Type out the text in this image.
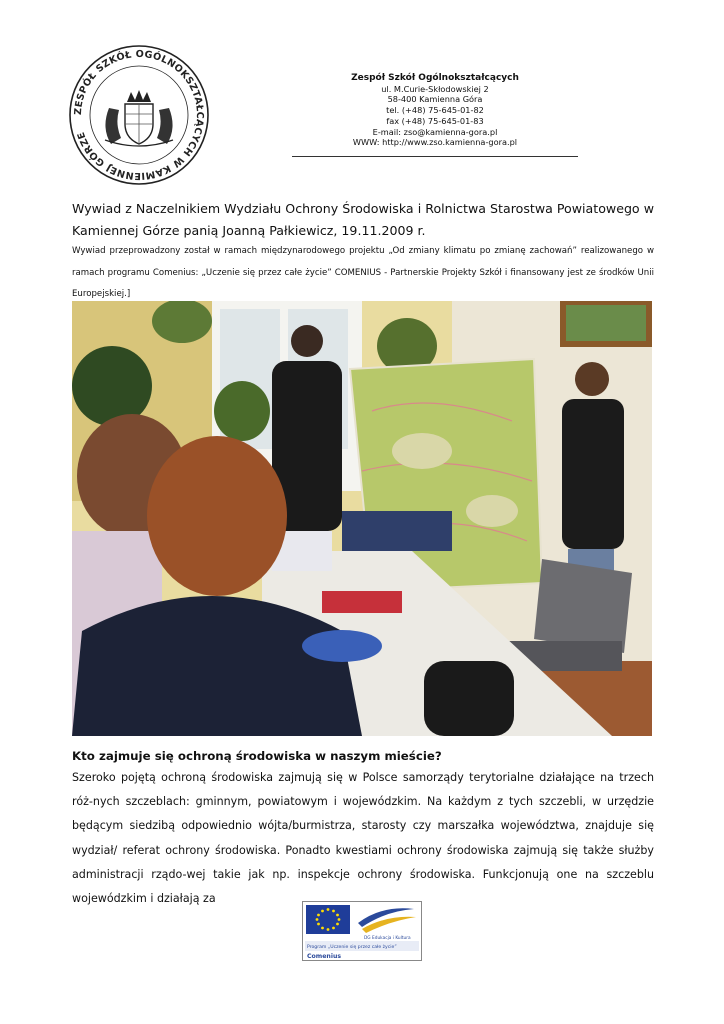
ZESPÓŁ SZKÓŁ OGÓLNOKSZTAŁCĄCYCH W KAMIENNEJ GÓRZE
Zespół Szkół Ogólnokształcących
ul. M.Curie-Skłodowskiej 2
58-400 Kamienna Góra
tel. (+48) 75-645-01-82
fax (+48) 75-645-01-83
E-mail: zso@kamienna-gora.pl
WWW: http://www.zso.kamienna-gora.pl
Wywiad z Naczelnikiem Wydziału Ochrony Środowiska i Rolnictwa Starostwa Powiatowego w Kamiennej Górze panią Joanną Pałkiewicz, 19.11.2009 r.
Wywiad przeprowadzony został w ramach międzynarodowego projektu „Od zmiany klimatu po zmianę zachowań” realizowanego w ramach programu Comenius: „Uczenie się przez całe życie” COMENIUS - Partnerskie Projekty Szkół i finansowany jest ze środków Unii Europejskiej.]
Kto zajmuje się ochroną środowiska w naszym mieście?
Szeroko pojętą ochroną środowiska zajmują się w Polsce samorządy terytorialne działające na trzech róż-nych szczeblach: gminnym, powiatowym i wojewódzkim. Na każdym z tych szczebli, w urzędzie będącym siedzibą odpowiednio wójta/burmistrza, starosty czy marszałka województwa, znajduje się wydział/ referat ochrony środowiska. Ponadto kwestiami ochrony środowiska zajmują się także służby administracji rządo-wej takie jak np. inspekcje ochrony środowiska. Funkcjonują one na szczeblu wojewódzkim i działają za
DG Edukacja i Kultura
Program „Uczenie się przez całe życie”
Comenius
